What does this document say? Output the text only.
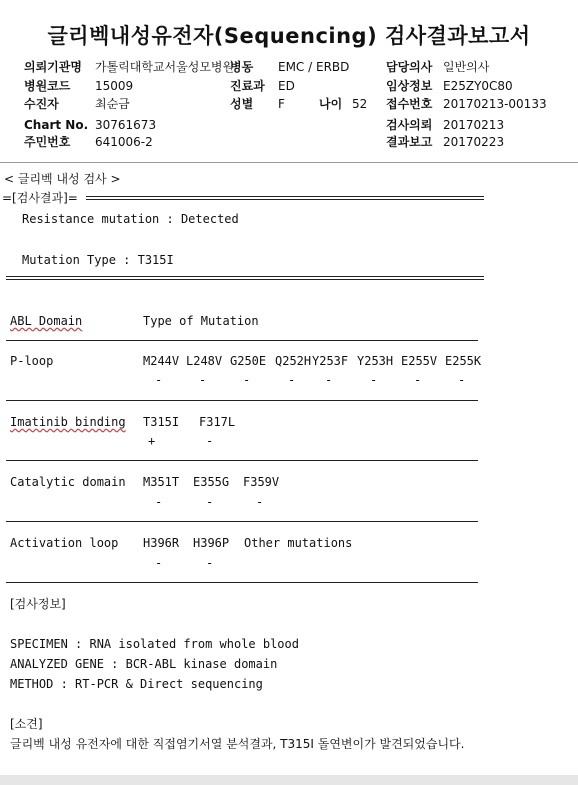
글리벡내성유전자(Sequencing) 검사결과보고서
의뢰기관명 가톨릭대학교서울성모병원
병동 EMC / ERBD	담당의사 일반의사
병원코드 15009	진료과 ED	임상정보 E25ZY0C80
수진자	최순금	성별 F	나이 52 접수번호 20170213-00133
Chart No. 30761673	검사의뢰 20170213
주민번호 641006-2	결과보고 20170223
< 글리벡 내성 검사 >
=[검사결과]=
Resistance mutation : Detected
Mutation Type : T315I
ABL Domain	Type of Mutation
P-loop	M244V L248V G250E Q252H Y253F Y253H E255V E255K
-	-	-	- -	-	-	-
Imatinib binding T315I F317L
+	-
Catalytic domain M351T E355G F359V
-	-	-
Activation loop H396R H396P Other mutations
-	-
[검사정보]
SPECIMEN : RNA isolated from whole blood
ANALYZED GENE : BCR-ABL kinase domain
METHOD : RT-PCR & Direct sequencing
[소견]
글리벡 내성 유전자에 대한 직접염기서열 분석결과, T315I 돌연변이가 발견되었습니다.
